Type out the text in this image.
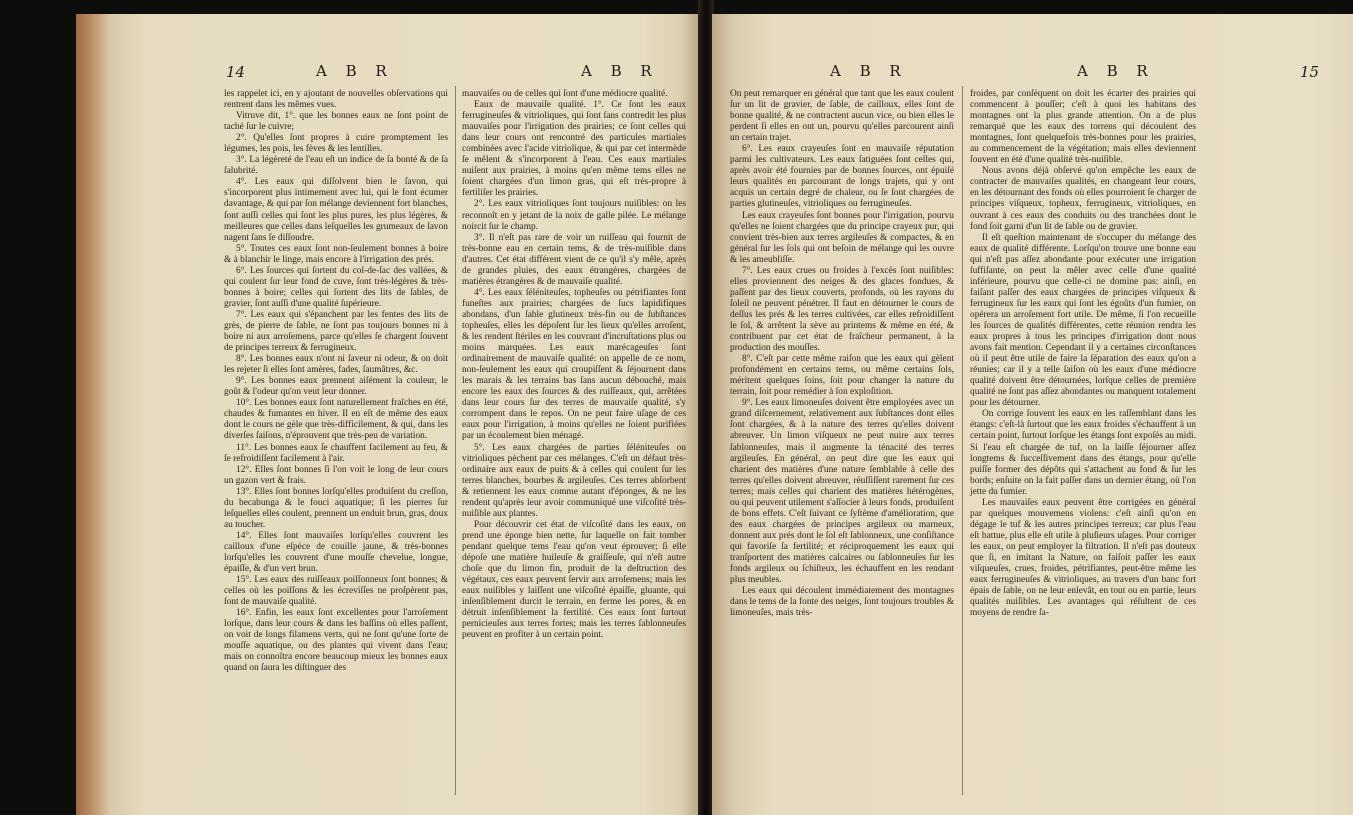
14	A B R	A B R

les rappelet ici, en y ajoutant de nouvelles obſervations qui rentrent dans les mêmes vues.

Vitruve dit, 1°. que les bonnes eaux ne ſont point de taché ſur le cuivre;

2°. Qu'elles ſont propres à cuire promptement les légumes, les pois, les fèves & les lentilles.

3°. La légèreté de l'eau eſt un indice de ſa bonté & de ſa ſalubrité.

4°. Les eaux qui diſſolvent bien le ſavon, qui s'incorporent plus intimement avec lui, qui le font écumer davantage, & qui par ſon mélange deviennent fort blanches, ſont auſſi celles qui ſont les plus pures, les plus légères, & meilleures que celles dans leſquelles les grumeaux de ſavon nagent ſans ſe diſſoudre.

5°. Toutes ces eaux ſont non-ſeulement bonnes à boire & à blanchir le linge, mais encore à l'irrigation des prés.

6°. Les ſources qui ſortent du col-de-ſac des vallées, & qui coulent ſur leur fond de cuve, ſont très-légères & très-bonnes à boire; celles qui ſortent des lits de ſables, de gravier, ſont auſſi d'une qualité ſupérieure.

7°. Les eaux qui s'épanchent par les fentes des lits de grès, de pierre de ſable, ne ſont pas toujours bonnes ni à boire ni aux arroſemens, parce qu'elles ſe chargent ſouvent de principes terreux & ferrugineux.

8°. Les bonnes eaux n'ont ni ſaveur ni odeur, & on doit les rejeter ſi elles ſont amères, fades, ſaumâtres, &c.

9°. Les bonnes eaux prennent aiſément la couleur, le goût & l'odeur qu'on veut leur donner.

10°. Les bonnes eaux ſont naturellement fraîches en été, chaudes & fumantes en hiver. Il en eſt de même des eaux dont le cours ne gèle que très-difficilement, & qui, dans les diverſes ſaiſons, n'éprouvent que très-peu de variation.

11°. Les bonnes eaux ſe chauffent facilement au feu, & ſe refroidiſſent facilement à l'air.

12°. Elles ſont bonnes ſi l'on voit le long de leur cours un gazon vert & frais.

13°. Elles ſont bonnes lorſqu'elles produiſent du creſſon, du becabunga & le fouci aquatique; ſi les pierres ſur leſquelles elles coulent, prennent un enduit brun, gras, doux au toucher.

14°. Elles ſont mauvaiſes lorſqu'elles couvrent les cailloux d'une eſpèce de couille jaune, & très-bonnes lorſqu'elles les couvrent d'une mouſſe chevelue, longue, épaiſſe, & d'un vert brun.

15°. Les eaux des ruiſſeaux poiſſonneux ſont bonnes; & celles où les poiſſons & les écreviſſes ne proſpèrent pas, ſont de mauvaiſe qualité.

16°. Enfin, les eaux ſont excellentes pour l'arroſement lorſque, dans leur cours & dans les baſſins où elles paſſent, on voit de longs filamens verts, qui ne ſont qu'une ſorte de mouſſe aquatique, ou des plantes qui vivent dans l'eau; mais on connoîtra encore beaucoup mieux les bonnes eaux quand on ſaura les diſtinguer des

mauvaiſes ou de celles qui ſont d'une médiocre qualité.

Eaux de mauvaiſe qualité. 1°. Ce ſont les eaux ferrugineuſes & vitrioliques, qui ſont ſans contredit les plus mauvaiſes pour l'irrigation des prairies; ce ſont celles qui dans leur cours ont rencontré des particules martiales combinées avec l'acide vitriolique, & qui par cet intermède ſe mêlent & s'incorporent à l'eau. Ces eaux martiales nuiſent aux prairies, à moins qu'en même tems elles ne ſoient chargées d'un limon gras, qui eſt très-propre à fertiliſer les prairies.

2°. Les eaux vitrioliques ſont toujours nuiſibles: on les reconnoît en y jetant de la noix de galle pilée. Le mélange noircit ſur le champ.

3°. Il n'eſt pas rare de voir un ruiſſeau qui fournit de très-bonne eau en certain tems, & de très-nuiſible dans d'autres. Cet état différent vient de ce qu'il s'y mêle, après de grandes pluies, des eaux étrangères, chargées de matières étrangères & de mauvaiſe qualité.

4°. Les eaux ſéléniteuſes, topheuſes ou pétrifiantes ſont funeſtes aux prairies; chargées de ſucs lapidifiques abondans, d'un ſable glutineux très-fin ou de ſubſtances topheuſes, elles les dépoſent ſur les lieux qu'elles arroſent, & les rendent ſtériles en les couvrant d'incruſtations plus ou moins marquées. Les eaux marécageuſes ſont ordinairement de mauvaiſe qualité: on appelle de ce nom, non-ſeulement les eaux qui croupiſſent & ſéjournent dans les marais & les terrains bas ſans aucun débouché, mais encore les eaux des ſources & des ruiſſeaux, qui, arrêtées dans leur cours ſur des terres de mauvaiſe qualité, s'y corrompent dans le repos. On ne peut faire uſage de ces eaux pour l'irrigation, à moins qu'elles ne ſoient purifiées par un écoulement bien ménagé.

5°. Les eaux chargées de parties ſéléniteuſes ou vitrioliques pèchent par ces mélanges. C'eſt un défaut très-ordinaire aux eaux de puits & à celles qui coulent ſur les terres blanches, bourbes & argileuſes. Ces terres abſorbent & retiennent les eaux comme autant d'éponges, & ne les rendent qu'après leur avoir communiqué une viſcoſité très-nuiſible aux plantes.

Pour découvrir cet état de viſcoſité dans les eaux, on prend une éponge bien nette, ſur laquelle on fait tomber pendant quelque tems l'eau qu'on veut éprouver; ſi elle dépoſe une matière huileuſe & graiſſeuſe, qui n'eſt autre choſe que du limon fin, produit de la deſtruction des végétaux, ces eaux peuvent ſervir aux arroſemens; mais les eaux nuiſibles y laiſſent une viſcoſité épaiſſe, gluante, qui inſenſiblement durcit le terrain, en ferme les pores, & en détruit inſenſiblement la fertilité. Ces eaux ſont ſurtout pernicieuſes aux terres fortes; mais les terres ſablonneuſes peuvent en profiter à un certain point.

A B R	A B R	15

On peut remarquer en général que tant que les eaux coulent ſur un lit de gravier, de ſable, de cailloux, elles ſont de bonne qualité, & ne contractent aucun vice, ou bien elles le perdent ſi elles en ont un, pourvu qu'elles parcourent ainſi un certain trajet.

6°. Les eaux crayeuſes ſont en mauvaiſe réputation parmi les cultivateurs. Les eaux ſatiguées ſont celles qui, après avoir été fournies par de bonnes ſources, ont épuiſé leurs qualités en parcourant de longs trajets, qui y ont acquis un certain degré de chaleur, ou ſe ſont chargées de parties glutineuſes, vitrioliques ou ferrugineuſes.

Les eaux crayeuſes ſont bonnes pour l'irrigation, pourvu qu'elles ne ſoient chargées que du principe crayeux pur, qui convient très-bien aux terres argileuſes & compactes, & en général ſur les ſols qui ont beſoin de mélange qui les ouvre & les ameubliſſe.

7°. Les eaux crues ou froides à l'excès ſont nuiſibles: elles proviennent des neiges & des glaces fondues, & paſſent par des lieux couverts, profonds, où les rayons du ſoleil ne peuvent pénétrer. Il faut en détourner le cours de deſſus les prés & les terres cultivées, car elles refroidiſſent le ſol, & arrêtent la sève au printems & même en été, & contribuent par cet état de fraîcheur permanent, à la production des mouſſes.

8°. C'eſt par cette même raiſon que les eaux qui gèlent profondément en certains tems, ou même certains ſols, méritent quelques ſoins, ſoit pour changer la nature du terrain, ſoit pour remédier à ſon exploſition.

9°. Les eaux limoneuſes doivent être employées avec un grand diſcernement, relativement aux ſubſtances dont elles ſont chargées, & à la nature des terres qu'elles doivent abreuver. Un limon viſqueux ne peut nuire aux terres ſablonneuſes, mais il augmente la ténacité des terres argileuſes. En général, on peut dire que les eaux qui charient des matières d'une nature ſemblable à celle des terres qu'elles doivent abreuver, réuſſiſſent rarement ſur ces terres; mais celles qui charient des matières hétérogènes, ou qui peuvent utilement s'aſſocier à leurs fonds, produiſent de bons effets. C'eſt ſuivant ce ſyſtème d'amélioration, que des eaux chargées de principes argileux ou marneux, donnent aux prés dont le ſol eſt ſablonneux, une conſiſtance qui favoriſe ſa fertilité; et réciproquement les eaux qui tranſportent des matières calcaires ou ſablonneuſes ſur les fonds argileux ou ſchiſteux, les échauffent en les rendant plus meubles.

Les eaux qui découlent immédiatement des montagnes dans le tems de la fonte des neiges, ſont toujours troubles & limoneuſes, mais très-

froides, par conſéquent on doit les écarter des prairies qui commencent à pouſſer; c'eſt à quoi les habitans des montagnes ont la plus grande attention. On a de plus remarqué que les eaux des torrens qui découlent des montagnes, ſont quelquefois très-bonnes pour les prairies, au commencement de la végétation; mais elles deviennent ſouvent en été d'une qualité très-nuiſible.

Nous avons déjà obſervé qu'on empêche les eaux de contracter de mauvaiſes qualités, en changeant leur cours, en les détournant des fonds où elles pourroient ſe charger de principes viſqueux, topheux, ferrugineux, vitrioliques, en ouvrant à ces eaux des conduits ou des tranchées dont le fond ſoit garni d'un lit de ſable ou de gravier.

Il eſt queſtion maintenant de s'occuper du mélange des eaux de qualité différente. Lorſqu'on trouve une bonne eau qui n'eſt pas aſſez abondante pour exécuter une irrigation ſuffiſante, on peut la mêler avec celle d'une qualité inférieure, pourvu que celle-ci ne domine pas: ainſi, en faiſant paſſer des eaux chargées de principes viſqueux & ferrugineux ſur les eaux qui ſont les égoûts d'un fumier, on opérera un arroſement fort utile. De même, ſi l'on recueille les ſources de qualités différentes, cette réunion rendra les eaux propres à tous les principes d'irrigation dont nous avons fait mention. Cependant il y a certaines circonſtances où il peut être utile de faire la ſéparation des eaux qu'on a réunies; car il y a telle ſaiſon où les eaux d'une médiocre qualité doivent être détournées, lorſque celles de première qualité ne ſont pas aſſez abondantes ou manquent totalement pour les détourner.

On corrige ſouvent les eaux en les raſſemblant dans les étangs: c'eſt-là ſurtout que les eaux froides s'échauffent à un certain point, ſurtout lorſque les étangs ſont expoſés au midi. Si l'eau eſt chargée de tuf, on la laiſſe ſéjourner aſſez longtems & ſucceſſivement dans des étangs, pour qu'elle puiſſe former des dépôts qui s'attachent au fond & ſur les bords; enſuite on la fait paſſer dans un dernier étang, où l'on jette du fumier.

Les mauvaiſes eaux peuvent être corrigées en général par quelques mouvemens violens: c'eſt ainſi qu'on en dégage le tuf & les autres principes terreux; car plus l'eau eſt battue, plus elle eſt utile à pluſieurs uſages. Pour corriger les eaux, on peut employer la filtration. Il n'eſt pas douteux que ſi, en imitant la Nature, on faiſoit paſſer les eaux viſqueuſes, crues, froides, pétrifiantes, peut-être même les eaux ferrugineuſes & vitrioliques, au travers d'un banc fort épais de ſable, on ne leur enlevât, en tout ou en partie, leurs qualités nuiſibles. Les avantages qui réſultent de ces moyens de rendre ſa-
